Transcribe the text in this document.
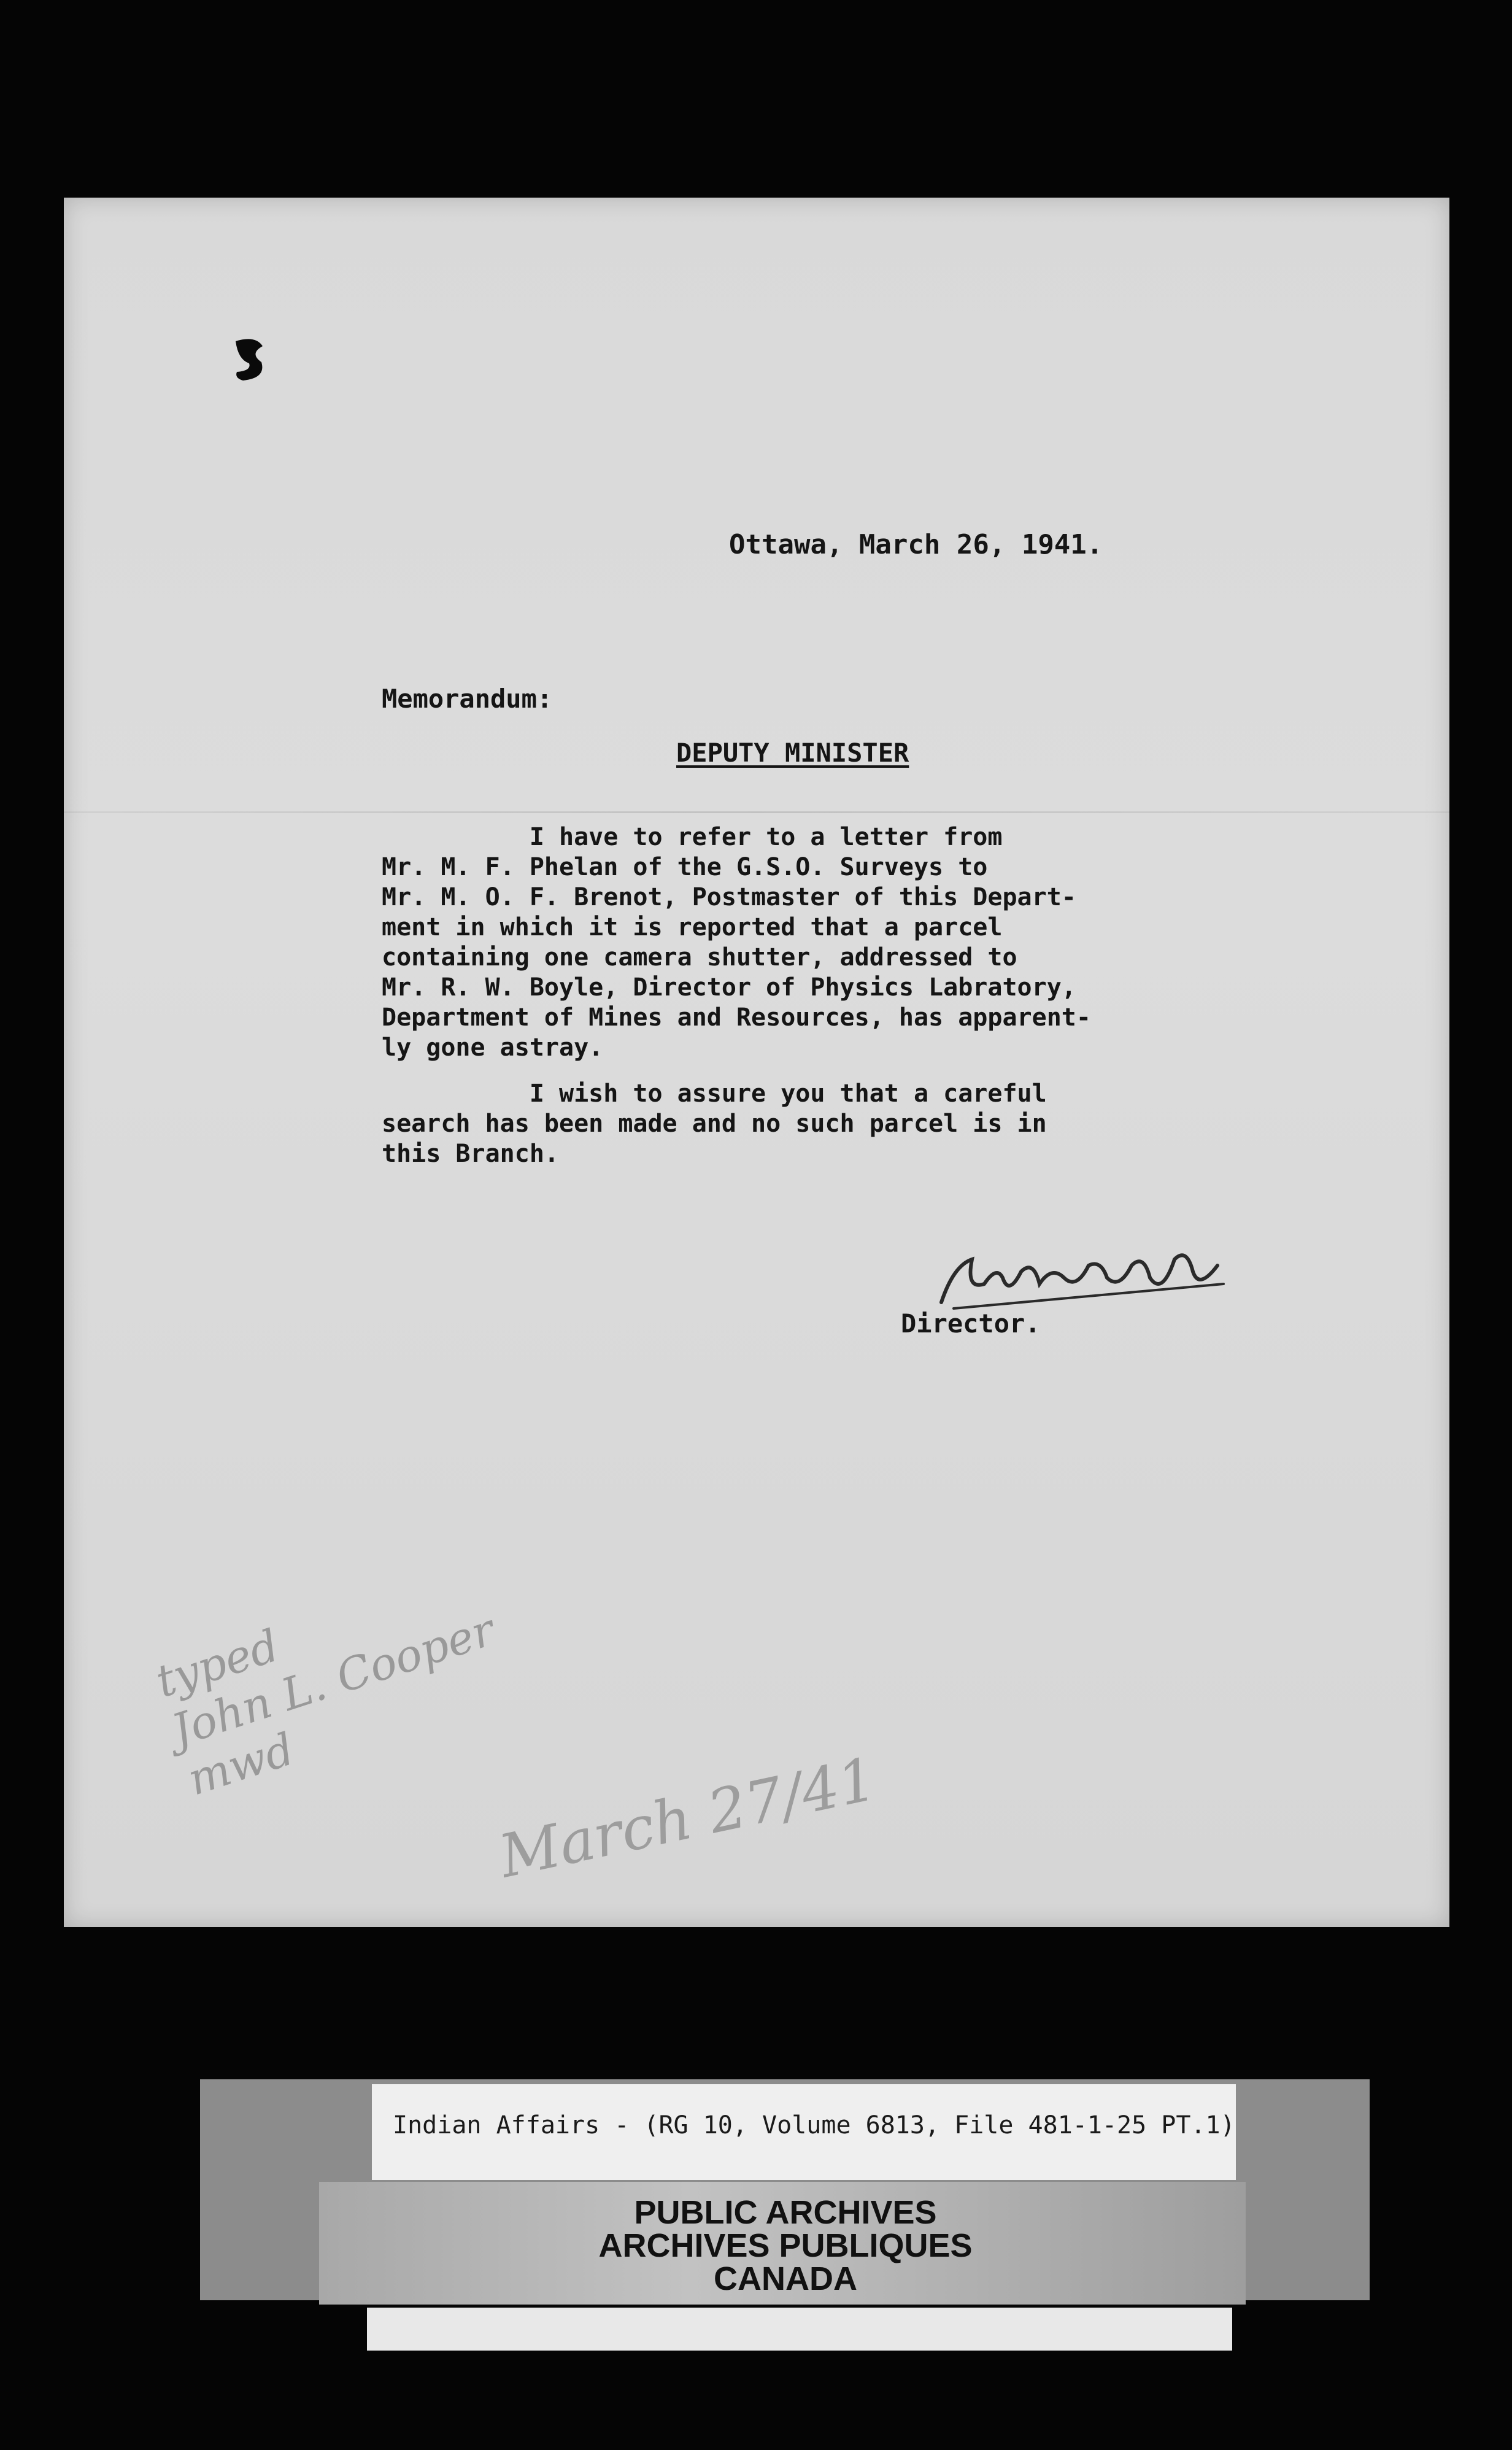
Ottawa, March 26, 1941.
Memorandum:
DEPUTY MINISTER
I have to refer to a letter from
Mr. M. F. Phelan of the G.S.O. Surveys to
Mr. M. O. F. Brenot, Postmaster of this Depart-
ment in which it is reported that a parcel
containing one camera shutter, addressed to
Mr. R. W. Boyle, Director of Physics Labratory,
Department of Mines and Resources, has apparent-
ly gone astray.
I wish to assure you that a careful
search has been made and no such parcel is in
this Branch.
Director.
typed
John L. Cooper
mwd	March 27/41
Indian Affairs - (RG 10, Volume 6813, File 481-1-25 PT.1)
PUBLIC ARCHIVES
ARCHIVES PUBLIQUES
CANADA
